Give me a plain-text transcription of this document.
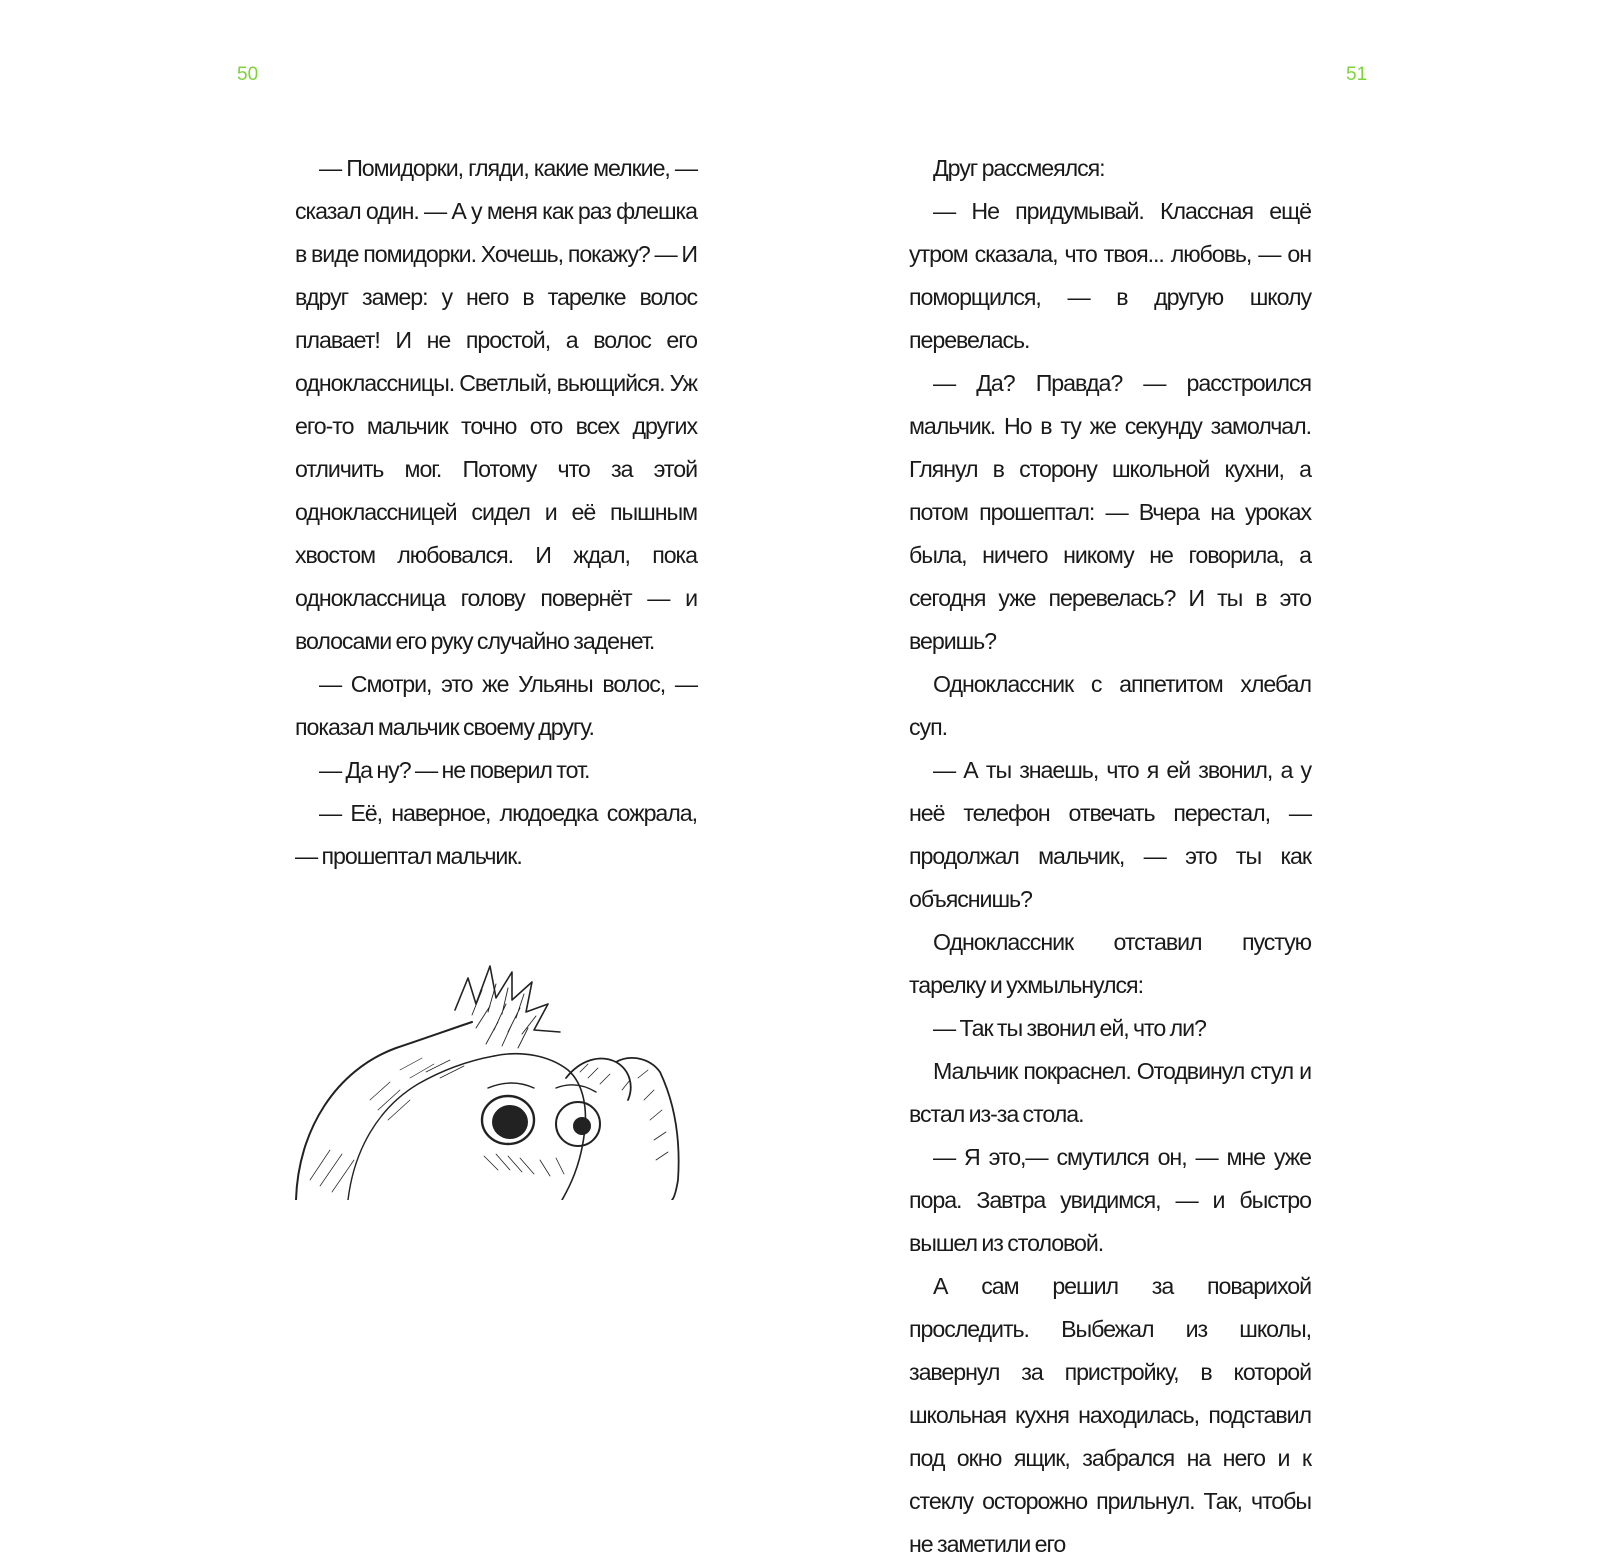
50	51

— Помидорки, гляди, какие мелкие, — сказал один. — А у меня как раз флешка в виде помидорки. Хочешь, покажу? — И вдруг замер: у него в тарелке волос плавает! И не простой, а волос его одноклассницы. Светлый, вьющийся. Уж его-то мальчик точно ото всех других отличить мог. Потому что за этой одноклассницей сидел и её пышным хвостом любовался. И ждал, пока одноклассница голову повернёт — и волосами его руку случайно заденет.

— Смотри, это же Ульяны волос, — показал мальчик своему другу.

— Да ну? — не поверил тот.

— Её, наверное, людоедка сожрала, — прошептал мальчик.

Друг рассмеялся:

— Не придумывай. Классная ещё утром сказала, что твоя... любовь, — он поморщился, — в другую школу перевелась.

— Да? Правда? — расстроился мальчик. Но в ту же секунду замолчал. Глянул в сторону школьной кухни, а потом прошептал: — Вчера на уроках была, ничего никому не говорила, а сегодня уже перевелась? И ты в это веришь?

Одноклассник с аппетитом хлебал суп.

— А ты знаешь, что я ей звонил, а у неё телефон отвечать перестал, — продолжал мальчик, — это ты как объяснишь?

Одноклассник отставил пустую тарелку и ухмыльнулся:

— Так ты звонил ей, что ли?

Мальчик покраснел. Отодвинул стул и встал из-за стола.

— Я это,— смутился он, — мне уже пора. Завтра увидимся, — и быстро вышел из столовой.

А сам решил за поварихой проследить. Выбежал из школы, завернул за пристройку, в которой школьная кухня находилась, подставил под окно ящик, забрался на него и к стеклу осторожно прильнул. Так, чтобы не заметили его
